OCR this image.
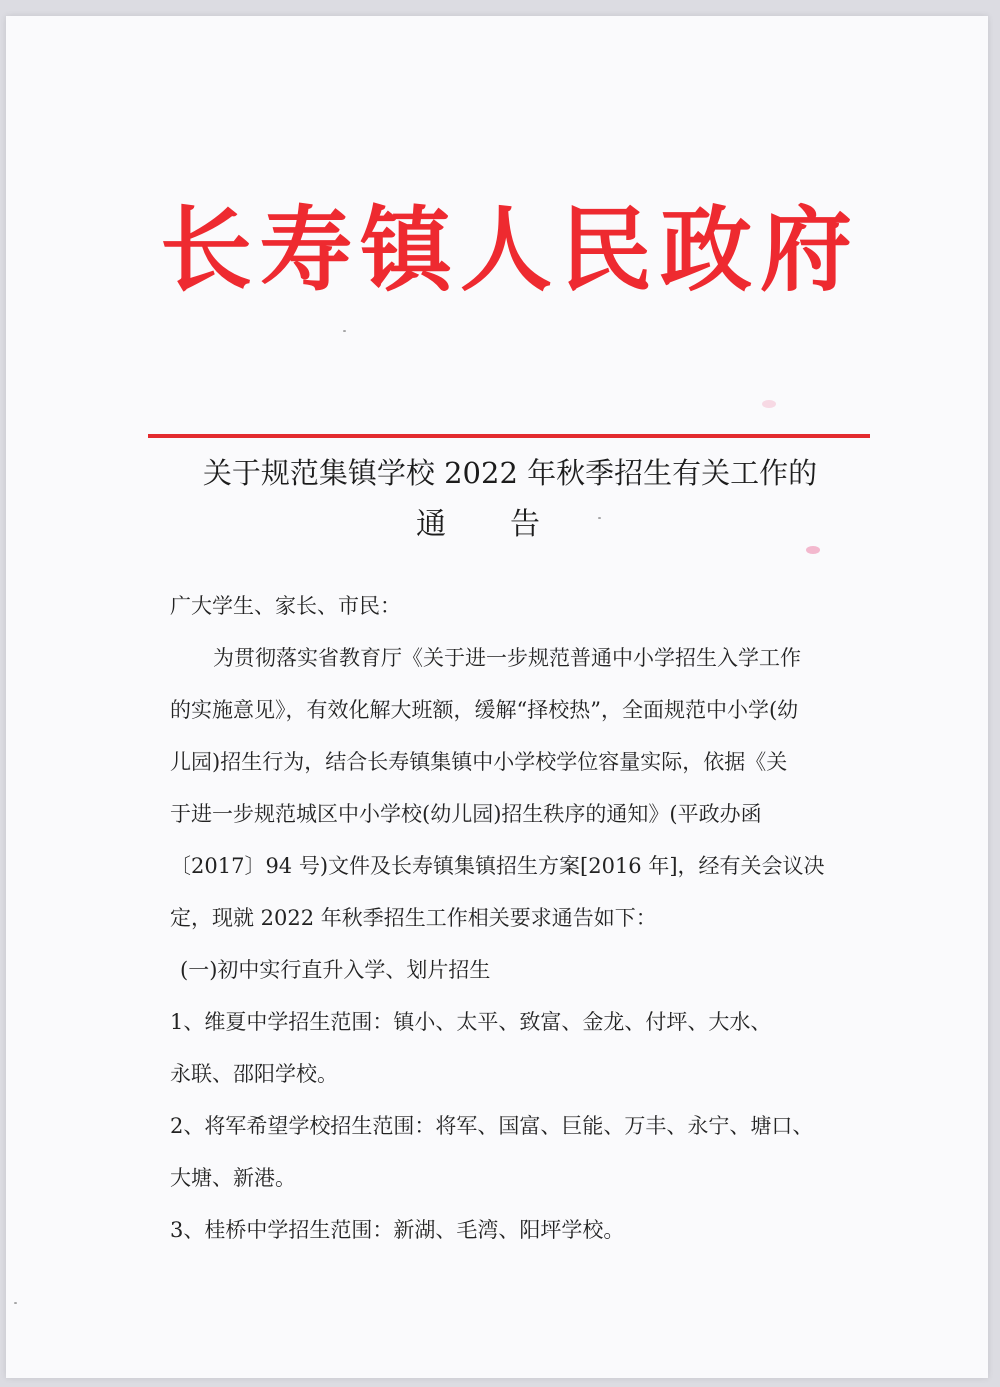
长寿镇人民政府
关于规范集镇学校 2022 年秋季招生有关工作的
通告
广大学生、家长、市民：
为贯彻落实省教育厅《关于进一步规范普通中小学招生入学工作
的实施意见》，有效化解大班额，缓解“择校热”，全面规范中小学(幼
儿园)招生行为，结合长寿镇集镇中小学校学位容量实际，依据《关
于进一步规范城区中小学校(幼儿园)招生秩序的通知》(平政办函
〔2017〕94 号)文件及长寿镇集镇招生方案[2016 年]，经有关会议决
定，现就 2022 年秋季招生工作相关要求通告如下：
(一)初中实行直升入学、划片招生
1、维夏中学招生范围：镇小、太平、致富、金龙、付坪、大水、
永联、邵阳学校。
2、将军希望学校招生范围：将军、国富、巨能、万丰、永宁、塘口、
大塘、新港。
3、桂桥中学招生范围：新湖、毛湾、阳坪学校。
